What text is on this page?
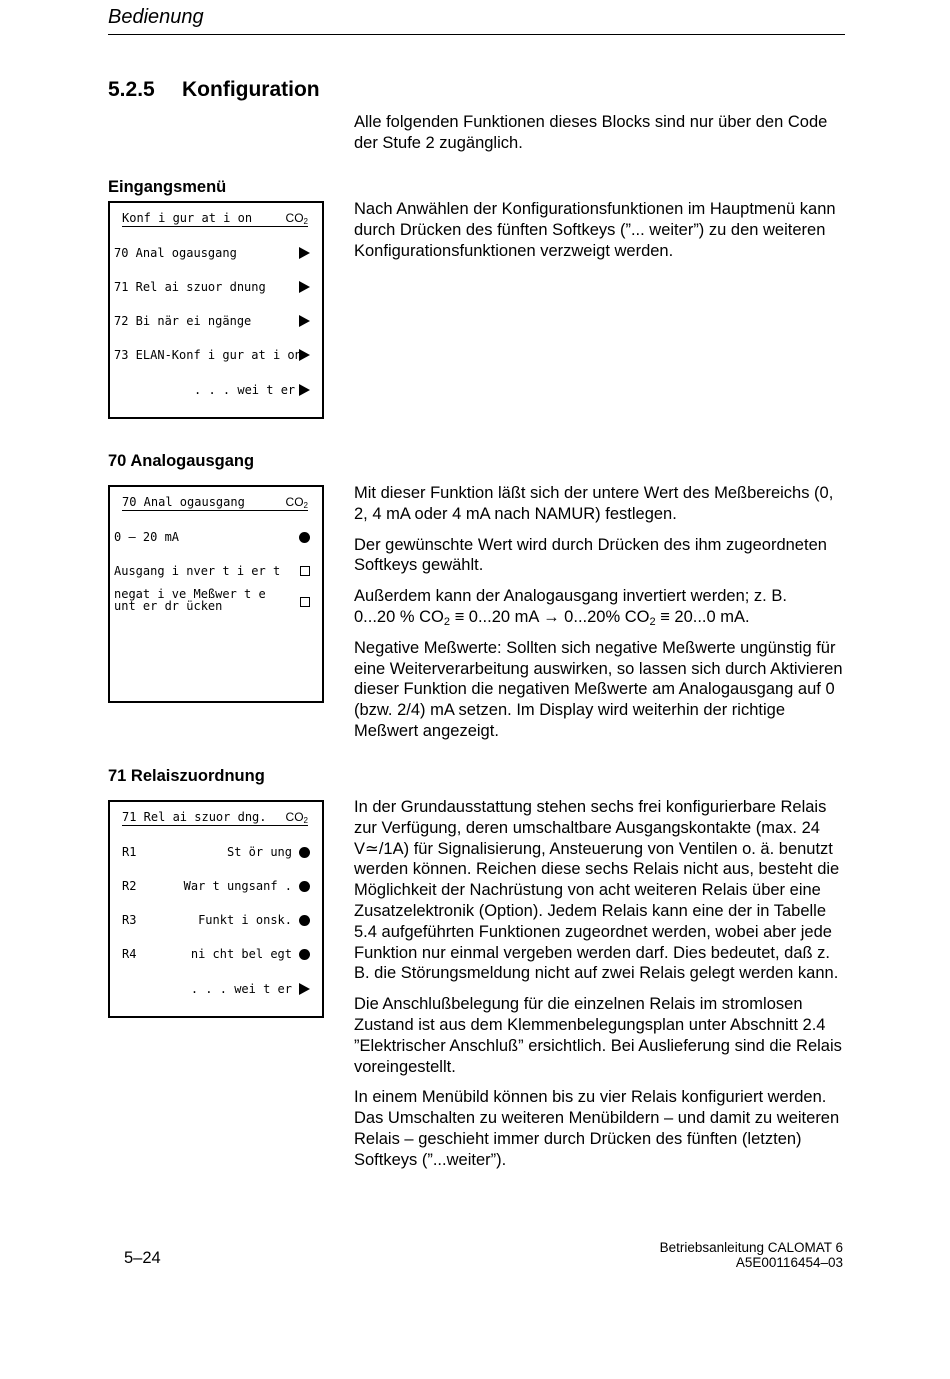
Bedienung
5.2.5 Konfiguration

Alle folgenden Funktionen dieses Blocks sind nur über den Code der Stufe 2 zugänglich.

Eingangsmenü
Konf i gur at i on	$CO_2$
70 Anal ogausgang
71 Rel ai szuor dnung
72 Bi när ei ngänge
73 ELAN-Konf i gur at i on
. . . wei t er

Nach Anwählen der Konfigurationsfunktionen im Hauptmenü kann durch Drücken des fünften Softkeys (”... weiter”) zu den weiteren Konfigurationsfunktionen verzweigt werden.

70 Analogausgang
70 Anal ogausgang	$CO_2$
0 – 20 mA
Ausgang i nver t i er t
negat i ve Meßwer t e
unt er dr ücken

Mit dieser Funktion läßt sich der untere Wert des Meßbereichs (0, 2, 4 mA oder 4 mA nach NAMUR) festlegen.

Der gewünschte Wert wird durch Drücken des ihm zugeordneten Softkeys gewählt.

Außerdem kann der Analogausgang invertiert werden; z. B.
0...20 % $CO_2 \equiv 0...20$ mA → 0...20% $CO_2 \equiv 20...0$ mA.

Negative Meßwerte: Sollten sich negative Meßwerte ungünstig für eine Weiterverarbeitung auswirken, so lassen sich durch Aktivieren dieser Funktion die negativen Meßwerte am Analogausgang auf 0 (bzw. 2/4) mA setzen. Im Display wird weiterhin der richtige Meßwert angezeigt.

71 Relaiszuordnung
71 Rel ai szuor dng. $CO_2$
R1	St ör ung
R2	War t ungsanf .
R3	Funkt i onsk.
R4	ni cht bel egt
. . . wei t er

In der Grundausstattung stehen sechs frei konfigurierbare Relais zur Verfügung, deren umschaltbare Ausgangskontakte (max. 24 V≃/1A) für Signalisierung, Ansteuerung von Ventilen o. ä. benutzt werden können. Reichen diese sechs Relais nicht aus, besteht die Möglichkeit der Nachrüstung von acht weiteren Relais über eine Zusatzelektronik (Option). Jedem Relais kann eine der in Tabelle 5.4 aufgeführten Funktionen zugeordnet werden, wobei aber jede Funktion nur einmal vergeben werden darf. Dies bedeutet, daß z. B. die Störungsmeldung nicht auf zwei Relais gelegt werden kann.

Die Anschlußbelegung für die einzelnen Relais im stromlosen Zustand ist aus dem Klemmenbelegungsplan unter Abschnitt 2.4 ”Elektrischer Anschluß” ersichtlich. Bei Auslieferung sind die Relais voreingestellt.

In einem Menübild können bis zu vier Relais konfiguriert werden. Das Umschalten zu weiteren Menübildern – und damit zu weiteren Relais – geschieht immer durch Drücken des fünften (letzten) Softkeys (”...weiter”).

5–24
Betriebsanleitung CALOMAT 6
A5E00116454–03
